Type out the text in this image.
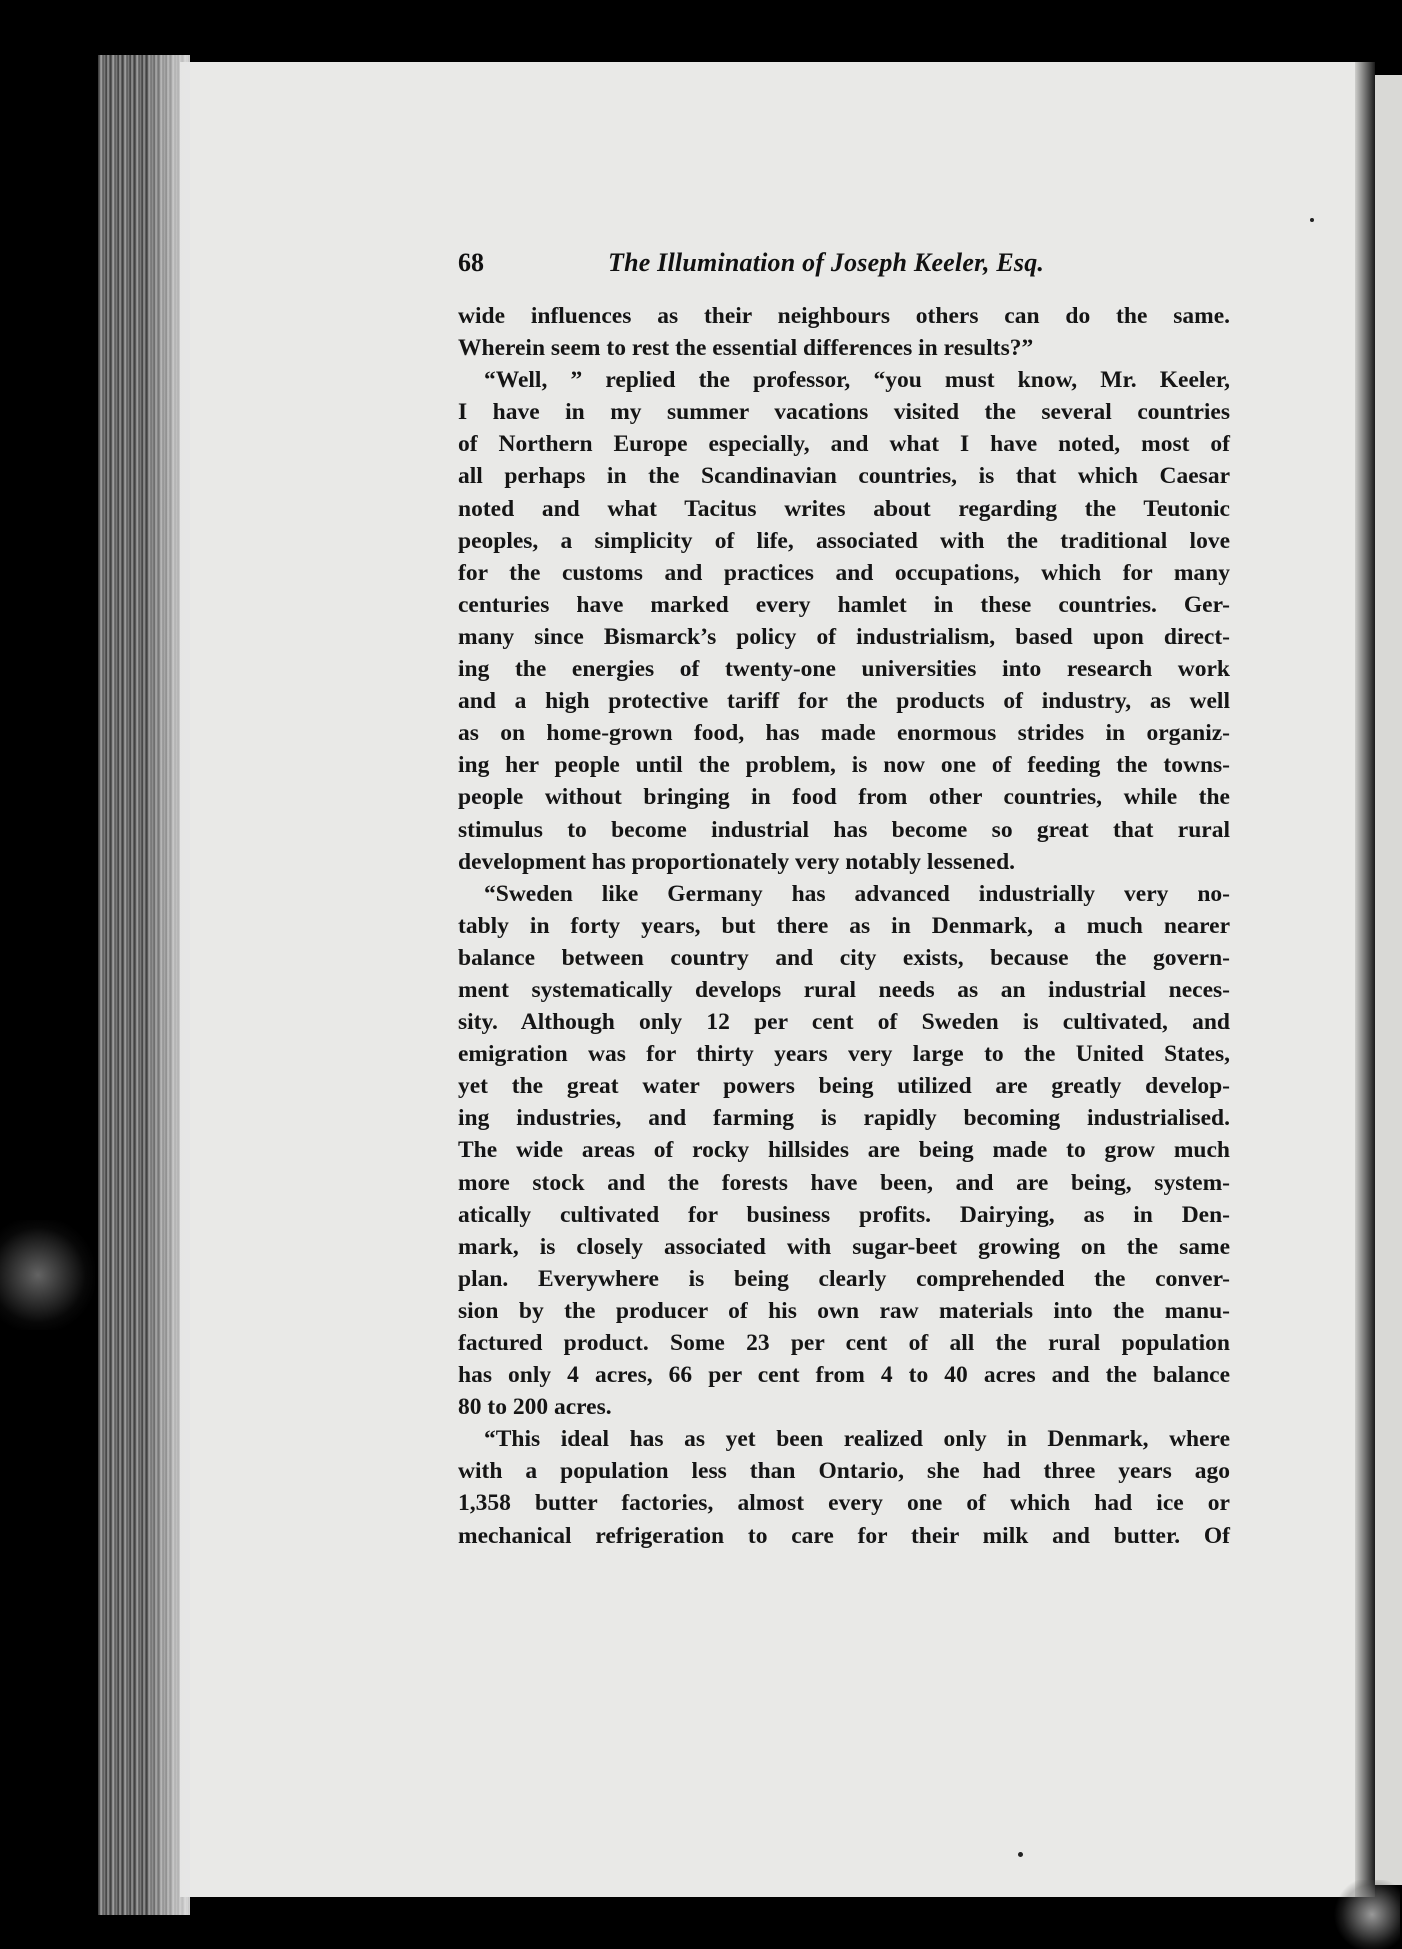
68	The Illumination of Joseph Keeler, Esq.
wide influences as their neighbours others can do the same.
Wherein seem to rest the essential differences in results?”
“Well, ” replied the professor, “you must know, Mr. Keeler,
I have in my summer vacations visited the several countries
of Northern Europe especially, and what I have noted, most of
all perhaps in the Scandinavian countries, is that which Caesar
noted and what Tacitus writes about regarding the Teutonic
peoples, a simplicity of life, associated with the traditional love
for the customs and practices and occupations, which for many
centuries have marked every hamlet in these countries. Ger-
many since Bismarck’s policy of industrialism, based upon direct-
ing the energies of twenty-one universities into research work
and a high protective tariff for the products of industry, as well
as on home-grown food, has made enormous strides in organiz-
ing her people until the problem, is now one of feeding the towns-
people without bringing in food from other countries, while the
stimulus to become industrial has become so great that rural
development has proportionately very notably lessened.
“Sweden like Germany has advanced industrially very no-
tably in forty years, but there as in Denmark, a much nearer
balance between country and city exists, because the govern-
ment systematically develops rural needs as an industrial neces-
sity. Although only 12 per cent of Sweden is cultivated, and
emigration was for thirty years very large to the United States,
yet the great water powers being utilized are greatly develop-
ing industries, and farming is rapidly becoming industrialised.
The wide areas of rocky hillsides are being made to grow much
more stock and the forests have been, and are being, system-
atically cultivated for business profits. Dairying, as in Den-
mark, is closely associated with sugar-beet growing on the same
plan. Everywhere is being clearly comprehended the conver-
sion by the producer of his own raw materials into the manu-
factured product. Some 23 per cent of all the rural population
has only 4 acres, 66 per cent from 4 to 40 acres and the balance
80 to 200 acres.
“This ideal has as yet been realized only in Denmark, where
with a population less than Ontario, she had three years ago
1,358 butter factories, almost every one of which had ice or
mechanical refrigeration to care for their milk and butter. Of
